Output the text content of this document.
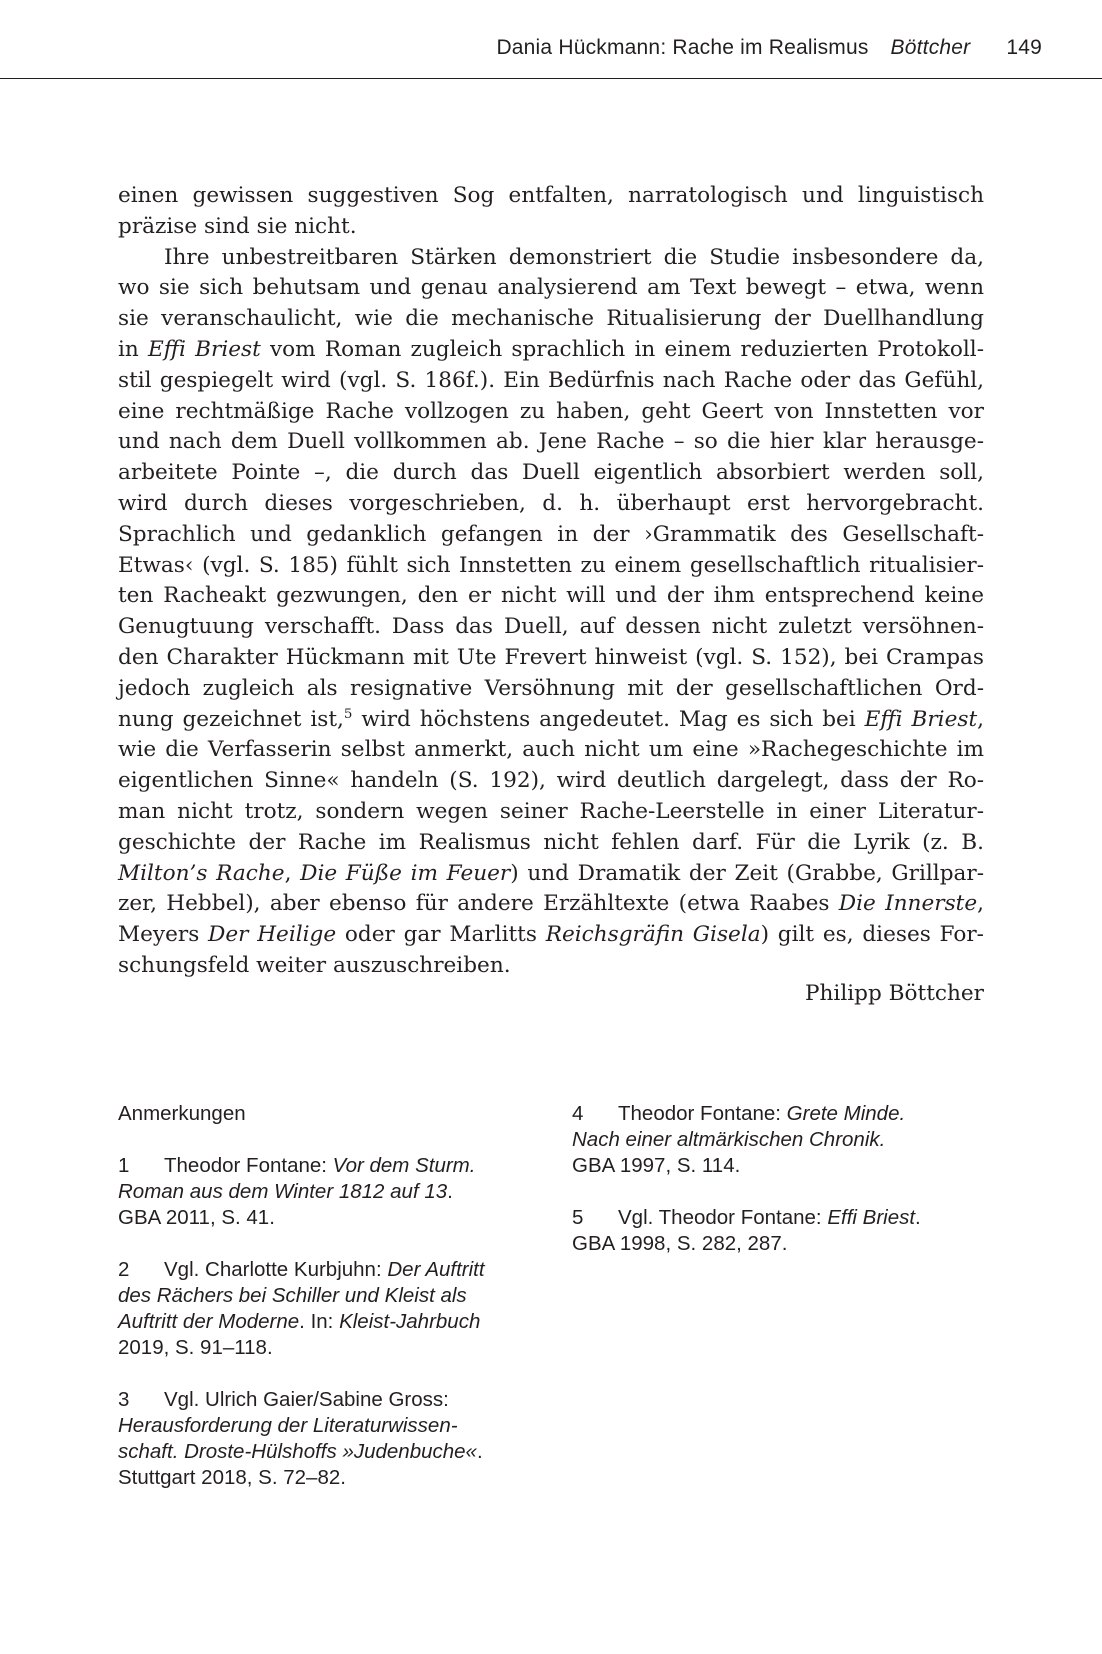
Dania Hückmann: Rache im Realismus Böttcher 149

einen gewissen suggestiven Sog entfalten, narratologisch und linguistisch
präzise sind sie nicht.

Ihre unbestreitbaren Stärken demonstriert die Studie insbesondere da,
wo sie sich behutsam und genau analysierend am Text bewegt – etwa, wenn
sie veranschaulicht, wie die mechanische Ritualisierung der Duellhandlung
in Effi Briest vom Roman zugleich sprachlich in einem reduzierten Protokoll-
stil gespiegelt wird (vgl. S. 186f.). Ein Bedürfnis nach Rache oder das Gefühl,
eine rechtmäßige Rache vollzogen zu haben, geht Geert von Innstetten vor
und nach dem Duell vollkommen ab. Jene Rache – so die hier klar herausge-
arbeitete Pointe –, die durch das Duell eigentlich absorbiert werden soll,
wird durch dieses vorgeschrieben, d. h. überhaupt erst hervorgebracht.
Sprachlich und gedanklich gefangen in der ›Grammatik des Gesellschaft-
Etwas‹ (vgl. S. 185) fühlt sich Innstetten zu einem gesellschaftlich ritualisier-
ten Racheakt gezwungen, den er nicht will und der ihm entsprechend keine
Genugtuung verschafft. Dass das Duell, auf dessen nicht zuletzt versöhnen-
den Charakter Hückmann mit Ute Frevert hinweist (vgl. S. 152), bei Crampas
jedoch zugleich als resignative Versöhnung mit der gesellschaftlichen Ord-
nung gezeichnet ist,$^5$ wird höchstens angedeutet. Mag es sich bei Effi Briest,
wie die Verfasserin selbst anmerkt, auch nicht um eine »Rachegeschichte im
eigentlichen Sinne« handeln (S. 192), wird deutlich dargelegt, dass der Ro-
man nicht trotz, sondern wegen seiner Rache-Leerstelle in einer Literatur-
geschichte der Rache im Realismus nicht fehlen darf. Für die Lyrik (z. B.
Milton’s Rache, Die Füße im Feuer) und Dramatik der Zeit (Grabbe, Grillpar-
zer, Hebbel), aber ebenso für andere Erzähltexte (etwa Raabes Die Innerste,
Meyers Der Heilige oder gar Marlitts Reichsgräfin Gisela) gilt es, dieses For-
schungsfeld weiter auszuschreiben.

Philipp Böttcher

Anmerkungen

1 Theodor Fontane: Vor dem Sturm.
Roman aus dem Winter 1812 auf 13.
GBA 2011, S. 41.
2 Vgl. Charlotte Kurbjuhn: Der Auftritt
des Rächers bei Schiller und Kleist als
Auftritt der Moderne. In: Kleist-Jahrbuch
2019, S. 91–118.
3 Vgl. Ulrich Gaier/Sabine Gross:
Herausforderung der Literaturwissen-
schaft. Droste-Hülshoffs »Judenbuche«.
Stuttgart 2018, S. 72–82.
4 Theodor Fontane: Grete Minde.
Nach einer altmärkischen Chronik.
GBA 1997, S. 114.
5 Vgl. Theodor Fontane: Effi Briest.
GBA 1998, S. 282, 287.
